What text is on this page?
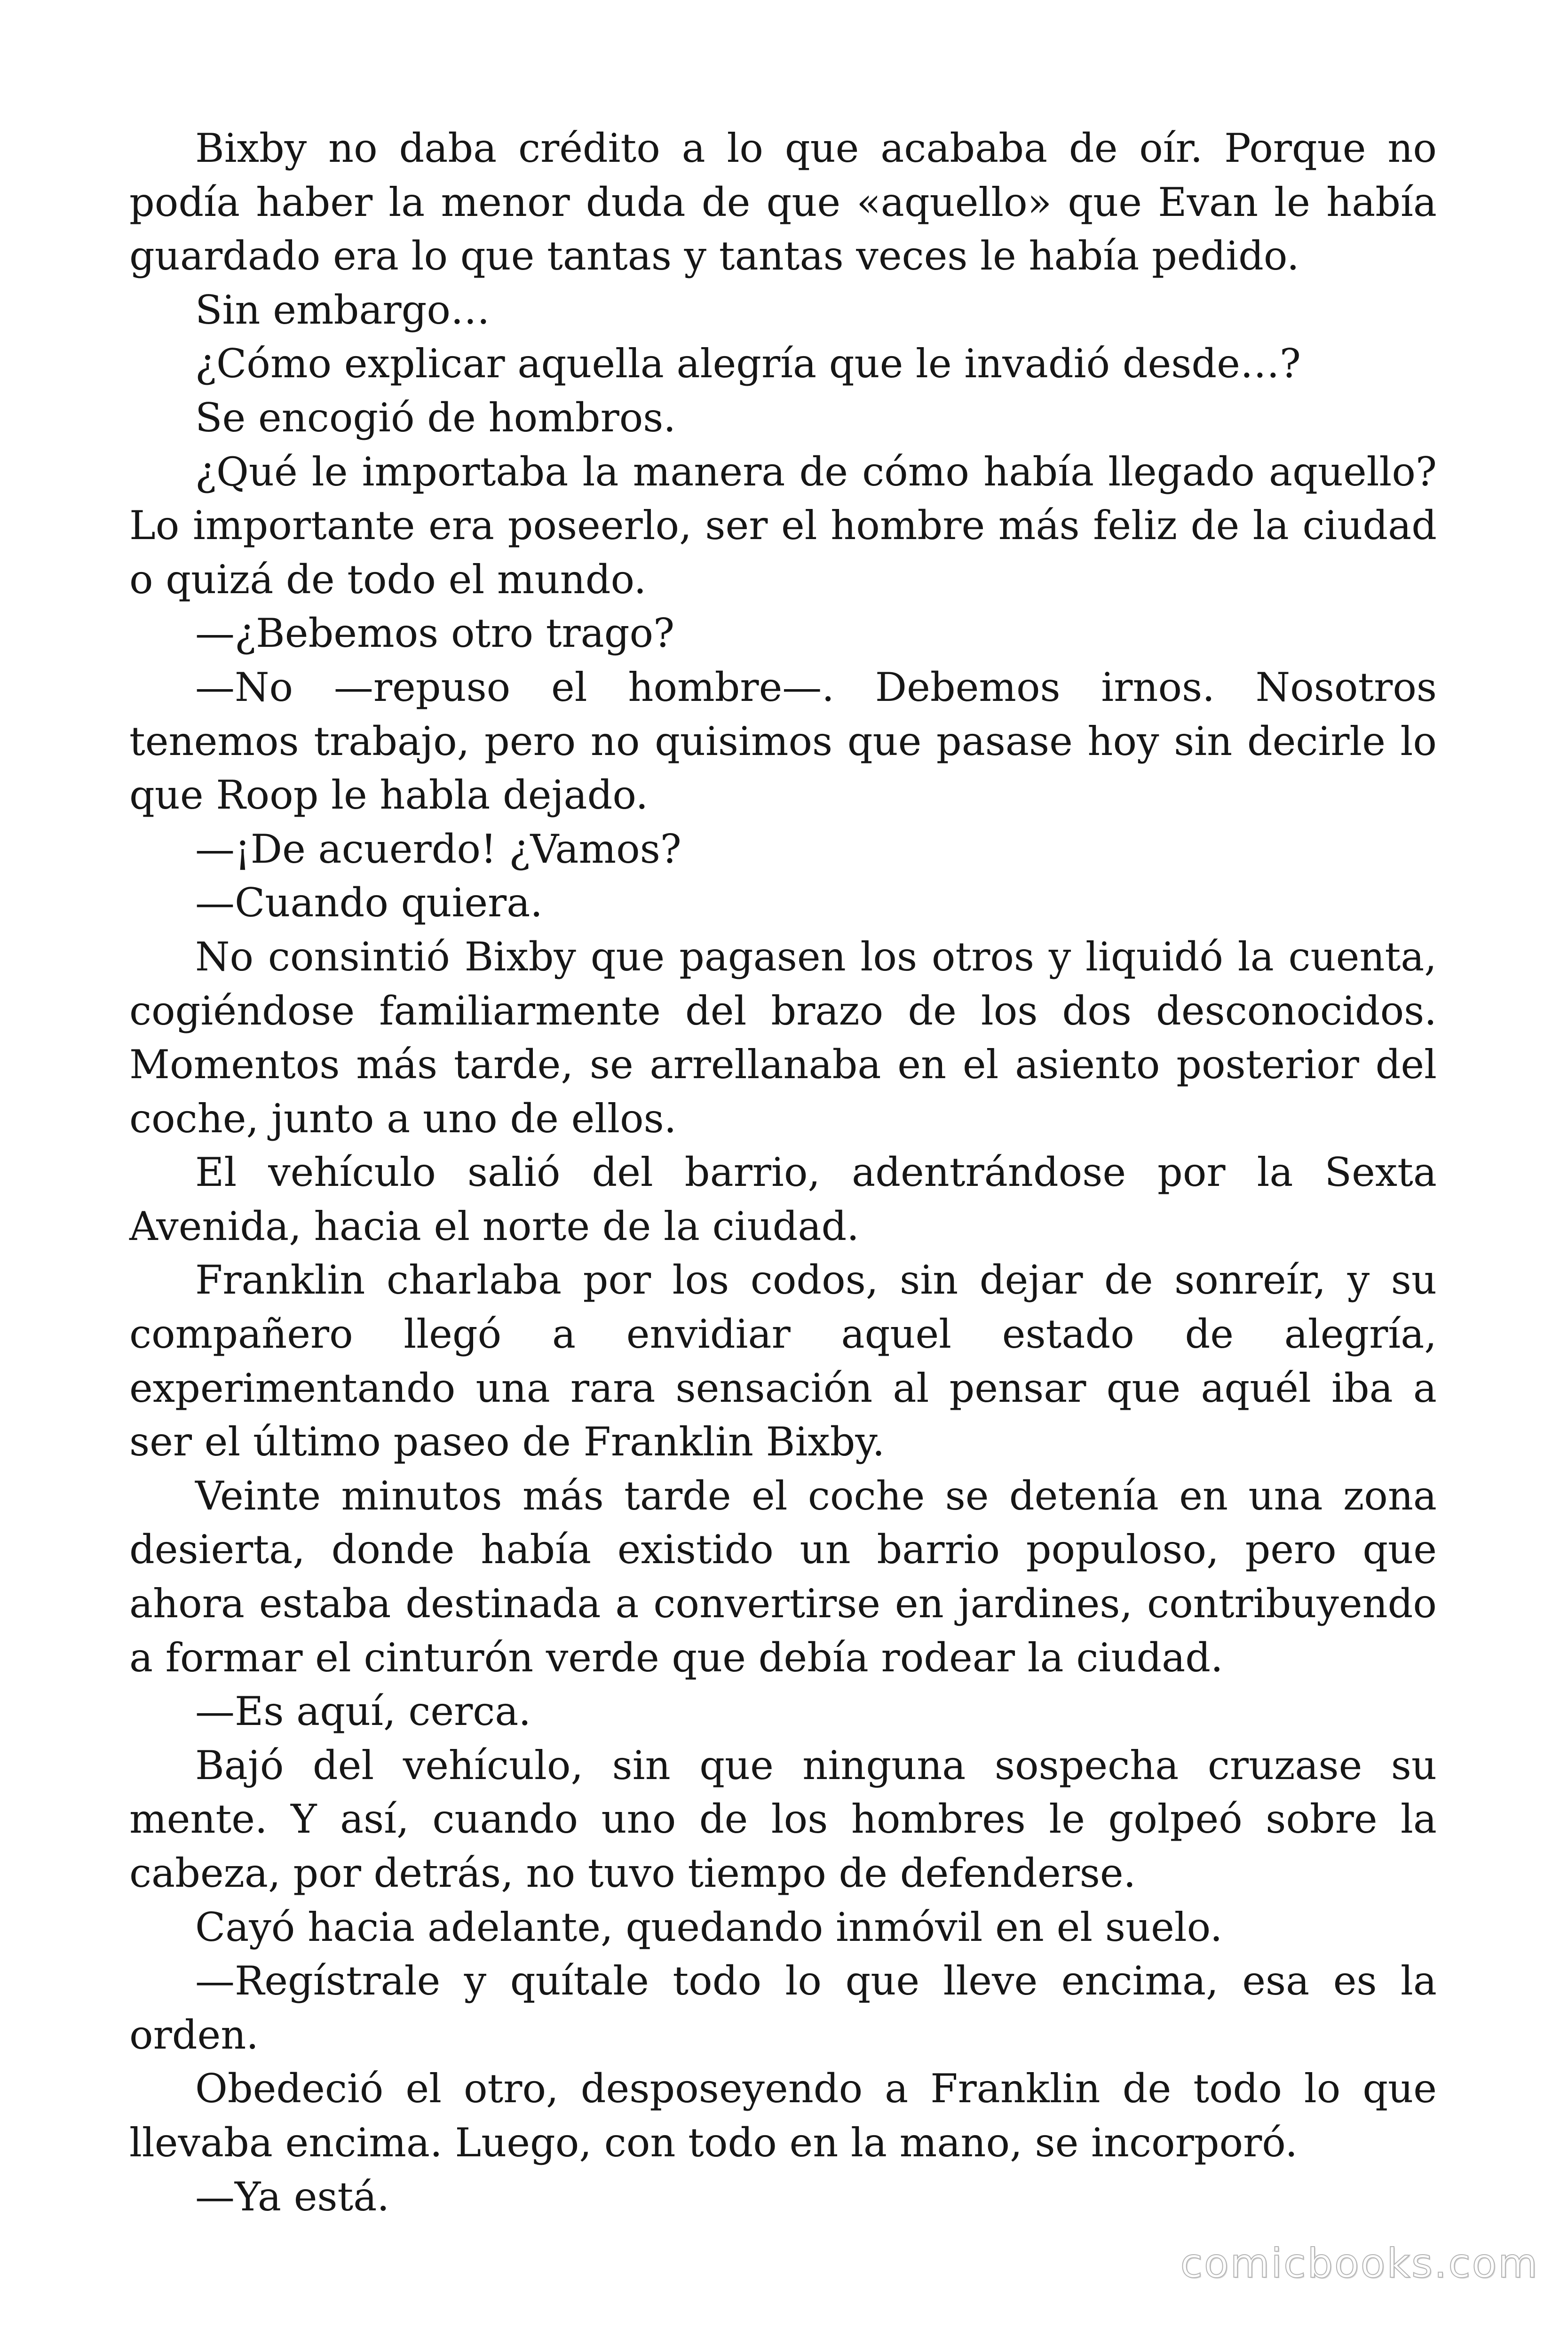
Bixby no daba crédito a lo que acababa de oír. Porque no podía haber la menor duda de que «aquello» que Evan le había guardado era lo que tantas y tantas veces le había pedido.

Sin embargo…

¿Cómo explicar aquella alegría que le invadió desde…?

Se encogió de hombros.

¿Qué le importaba la manera de cómo había llegado aquello? Lo importante era poseerlo, ser el hombre más feliz de la ciudad o quizá de todo el mundo.

—¿Bebemos otro trago?

—No —repuso el hombre—. Debemos irnos. Nosotros tenemos trabajo, pero no quisimos que pasase hoy sin decirle lo que Roop le habla dejado.

—¡De acuerdo! ¿Vamos?

—Cuando quiera.

No consintió Bixby que pagasen los otros y liquidó la cuenta, cogiéndose familiarmente del brazo de los dos desconocidos. Momentos más tarde, se arrellanaba en el asiento posterior del coche, junto a uno de ellos.

El vehículo salió del barrio, adentrándose por la Sexta Avenida, hacia el norte de la ciudad.

Franklin charlaba por los codos, sin dejar de sonreír, y su compañero llegó a envidiar aquel estado de alegría, experimentando una rara sensación al pensar que aquél iba a ser el último paseo de Franklin Bixby.

Veinte minutos más tarde el coche se detenía en una zona desierta, donde había existido un barrio populoso, pero que ahora estaba destinada a convertirse en jardines, contribuyendo a formar el cinturón verde que debía rodear la ciudad.

—Es aquí, cerca.

Bajó del vehículo, sin que ninguna sospecha cruzase su mente. Y así, cuando uno de los hombres le golpeó sobre la cabeza, por detrás, no tuvo tiempo de defenderse.

Cayó hacia adelante, quedando inmóvil en el suelo.

—Regístrale y quítale todo lo que lleve encima, esa es la orden.

Obedeció el otro, desposeyendo a Franklin de todo lo que llevaba encima. Luego, con todo en la mano, se incorporó.

—Ya está.

comicbooks.com
